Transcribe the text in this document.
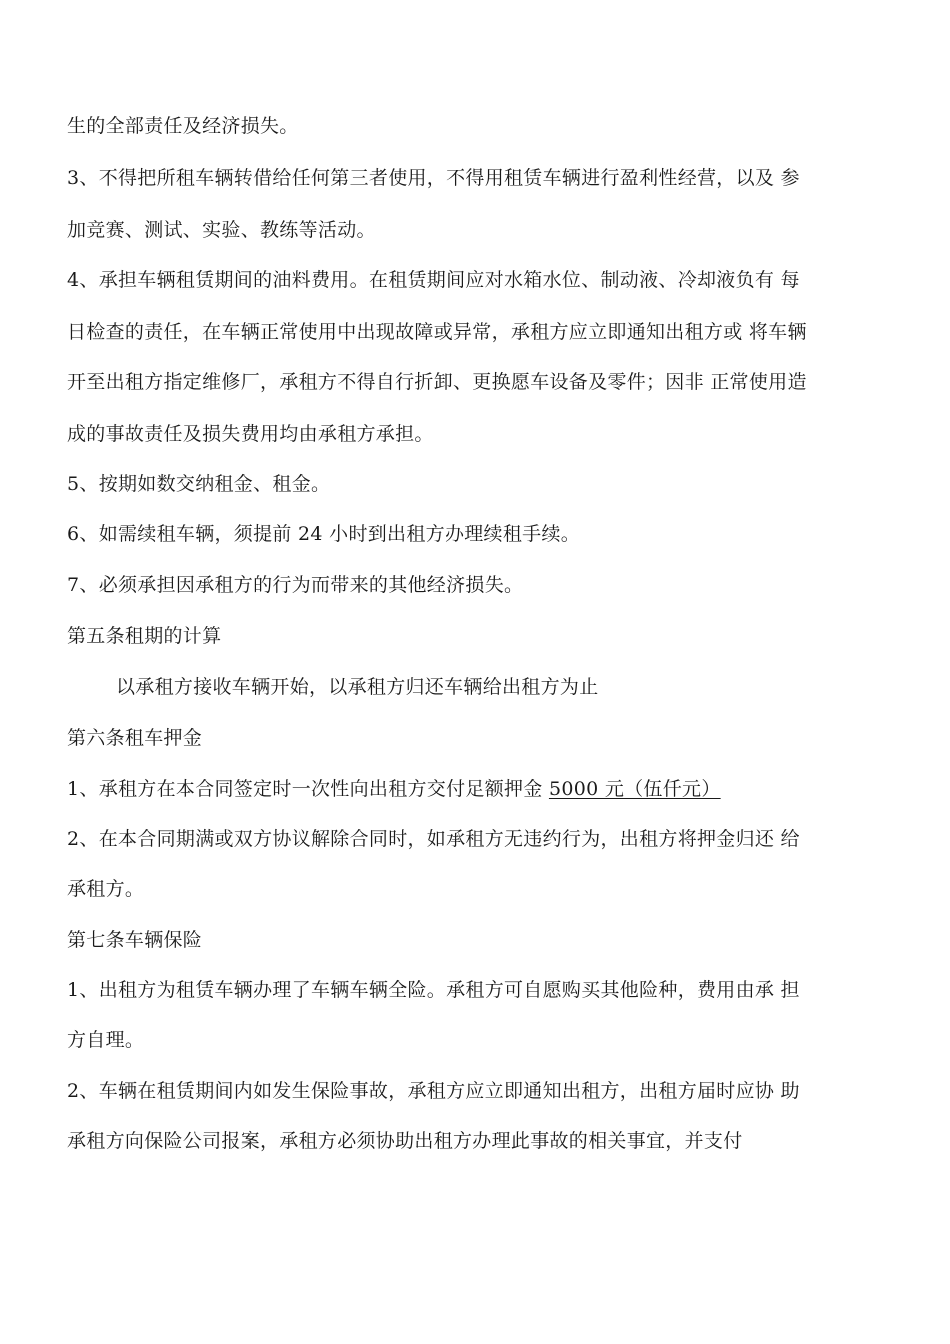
生的全部责任及经济损失。
3、不得把所租车辆转借给任何第三者使用，不得用租赁车辆进行盈利性经营，以及 参
加竞赛、测试、实验、教练等活动。
4、承担车辆租赁期间的油料费用。在租赁期间应对水箱水位、制动液、冷却液负有 每
日检查的责任，在车辆正常使用中出现故障或异常，承租方应立即通知出租方或 将车辆
开至出租方指定维修厂，承租方不得自行折卸、更换愿车设备及零件；因非 正常使用造
成的事故责任及损失费用均由承租方承担。
5、按期如数交纳租金、租金。
6、如需续租车辆，须提前 24 小时到出租方办理续租手续。
7、必须承担因承租方的行为而带来的其他经济损失。
第五条租期的计算
以承租方接收车辆开始，以承租方归还车辆给出租方为止
第六条租车押金
1、承租方在本合同签定时一次性向出租方交付足额押金 5000 元（伍仟元）
2、在本合同期满或双方协议解除合同时，如承租方无违约行为，出租方将押金归还 给
承租方。
第七条车辆保险
1、出租方为租赁车辆办理了车辆车辆全险。承租方可自愿购买其他险种，费用由承 担
方自理。
2、车辆在租赁期间内如发生保险事故，承租方应立即通知出租方，出租方届时应协 助
承租方向保险公司报案，承租方必须协助出租方办理此事故的相关事宜，并支付
